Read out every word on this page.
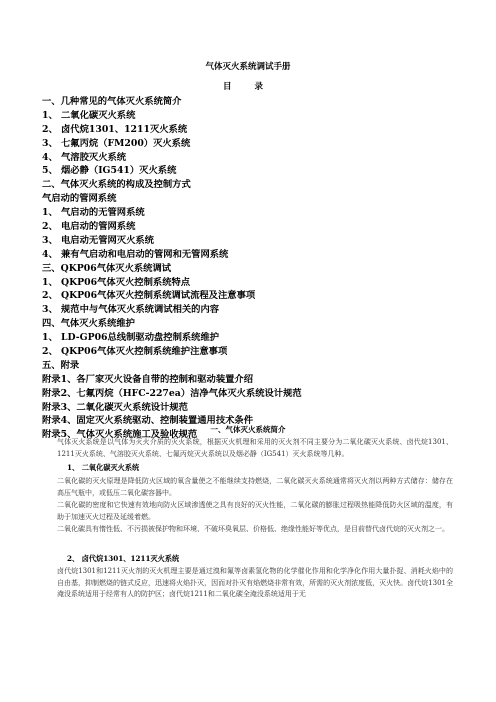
气体灭火系统调试手册
目 录
一、几种常见的气体灭火系统简介
1、 二氧化碳灭火系统
2、 卤代烷1301、1211灭火系统
3、 七氟丙烷（FM200）灭火系统
4、 气溶胶灭火系统
5、 烟必静（IG541）灭火系统
二、气体灭火系统的构成及控制方式
气启动的管网系统
1、 气启动的无管网系统
2、 电启动的管网系统
3、 电启动无管网灭火系统
4、 兼有气启动和电启动的管网和无管网系统
三、QKP06气体灭火系统调试
1、 QKP06气体灭火控制系统特点
2、 QKP06气体灭火控制系统调试流程及注意事项
3、 规范中与气体灭火系统调试相关的内容
四、气体灭火系统维护
1、 LD-GP06总线制驱动盘控制系统维护
2、 QKP06气体灭火控制系统维护注意事项
五、附录
附录1、各厂家灭火设备自带的控制和驱动装置介绍
附录2、七氟丙烷（HFC-227ea）洁净气体灭火系统设计规范
附录3、二氧化碳灭火系统设计规范
附录4、固定灭火系统驱动、控制装置通用技术条件
附录5、气体灭火系统施工及验收规范	一、气体灭火系统简介
气体灭火系统是以气体为灭火介质的灭火系统，根据灭火机理和采用的灭火剂不同主要分为二氧化碳灭火系统、卤代烷1301、1211灭火系统、气溶胶灭火系统、七氟丙烷灭火系统以及烟必静（IG541）灭火系统等几种。
1、 二氧化碳灭火系统
二氧化碳的灭火原理是降低防火区域的氧含量使之不能继续支持燃烧，二氧化碳灭火系统通常将灭火剂以两种方式储存：储存在高压气瓶中，或低压二氧化碳容器中。
二氧化碳的密度和它快速有效地向防火区域渗透使之具有良好的灭火性能，二氧化碳的膨胀过程吸热能降低防火区域的温度，有助于加速灭火过程及延缓着燃。
二氧化碳具有惰性低、不污损被保护物和环境、不破坏臭氧层、价格低、绝缘性能好等优点，是目前替代卤代烷的灭火剂之一。
2、 卤代烷1301、1211灭火系统
卤代烷1301和1211灭火剂的灭火机理主要是通过溴和氟等卤素氢化物的化学催化作用和化学净化作用大量扑捉、消耗火焰中的自由基，抑制燃烧的链式反应，迅速将火焰扑灭，因而对扑灭有焰燃烧非常有效，所需的灭火剂浓度低，灭火快。卤代烷1301全淹没系统适用于经常有人的防护区；卤代烷1211和二氧化碳全淹没系统适用于无
